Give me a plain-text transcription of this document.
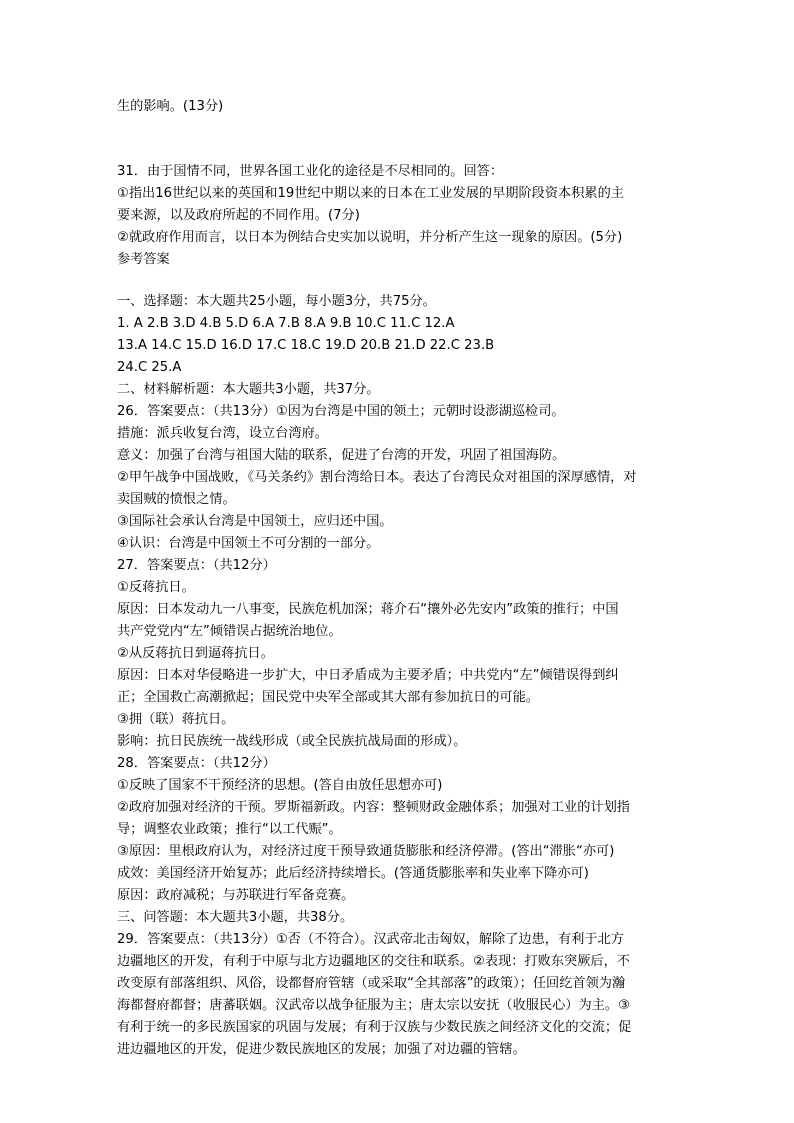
生的影响。(13分)
31．由于国情不同，世界各国工业化的途径是不尽相同的。回答：
①指出16世纪以来的英国和19世纪中期以来的日本在工业发展的早期阶段资本积累的主
要来源，以及政府所起的不同作用。(7分)
②就政府作用而言，以日本为例结合史实加以说明，并分析产生这一现象的原因。(5分)
参考答案
一、选择题：本大题共25小题，每小题3分，共75分。
1. A 2.B 3.D 4.B 5.D 6.A 7.B 8.A 9.B 10.C 11.C 12.A
13.A 14.C 15.D 16.D 17.C 18.C 19.D 20.B 21.D 22.C 23.B
24.C 25.A
二、材料解析题：本大题共3小题，共37分。
26．答案要点：（共13分）①因为台湾是中国的领土；元朝时设澎湖巡检司。
措施：派兵收复台湾，设立台湾府。
意义：加强了台湾与祖国大陆的联系，促进了台湾的开发，巩固了祖国海防。
②甲午战争中国战败，《马关条约》割台湾给日本。表达了台湾民众对祖国的深厚感情，对
卖国贼的愤恨之情。
③国际社会承认台湾是中国领土，应归还中国。
④认识：台湾是中国领土不可分割的一部分。
27．答案要点：（共12分）
①反蒋抗日。
原因：日本发动九一八事变，民族危机加深；蒋介石“攘外必先安内”政策的推行；中国
共产党党内“左”倾错误占据统治地位。
②从反蒋抗日到逼蒋抗日。
原因：日本对华侵略进一步扩大，中日矛盾成为主要矛盾；中共党内“左”倾错误得到纠
正；全国救亡高潮掀起；国民党中央军全部或其大部有参加抗日的可能。
③拥（联）蒋抗日。
影响：抗日民族统一战线形成（或全民族抗战局面的形成）。
28．答案要点：（共12分）
①反映了国家不干预经济的思想。(答自由放任思想亦可)
②政府加强对经济的干预。罗斯福新政。内容：整顿财政金融体系；加强对工业的计划指
导；调整农业政策；推行“以工代赈”。
③原因：里根政府认为，对经济过度干预导致通货膨胀和经济停滞。(答出“滞胀“亦可)
成效：美国经济开始复苏；此后经济持续增长。(答通货膨胀率和失业率下降亦可)
原因：政府减税；与苏联进行军备竞赛。
三、问答题：本大题共3小题，共38分。
29．答案要点：（共13分）①否（不符合）。汉武帝北击匈奴，解除了边患，有利于北方
边疆地区的开发，有利于中原与北方边疆地区的交往和联系。②表现：打败东突厥后，不
改变原有部落组织、风俗，设都督府管辖（或采取“全其部落”的政策）；任回纥首领为瀚
海都督府都督；唐蕃联姻。汉武帝以战争征服为主；唐太宗以安抚（收服民心）为主。③
有利于统一的多民族国家的巩固与发展；有利于汉族与少数民族之间经济文化的交流；促
进边疆地区的开发，促进少数民族地区的发展；加强了对边疆的管辖。
